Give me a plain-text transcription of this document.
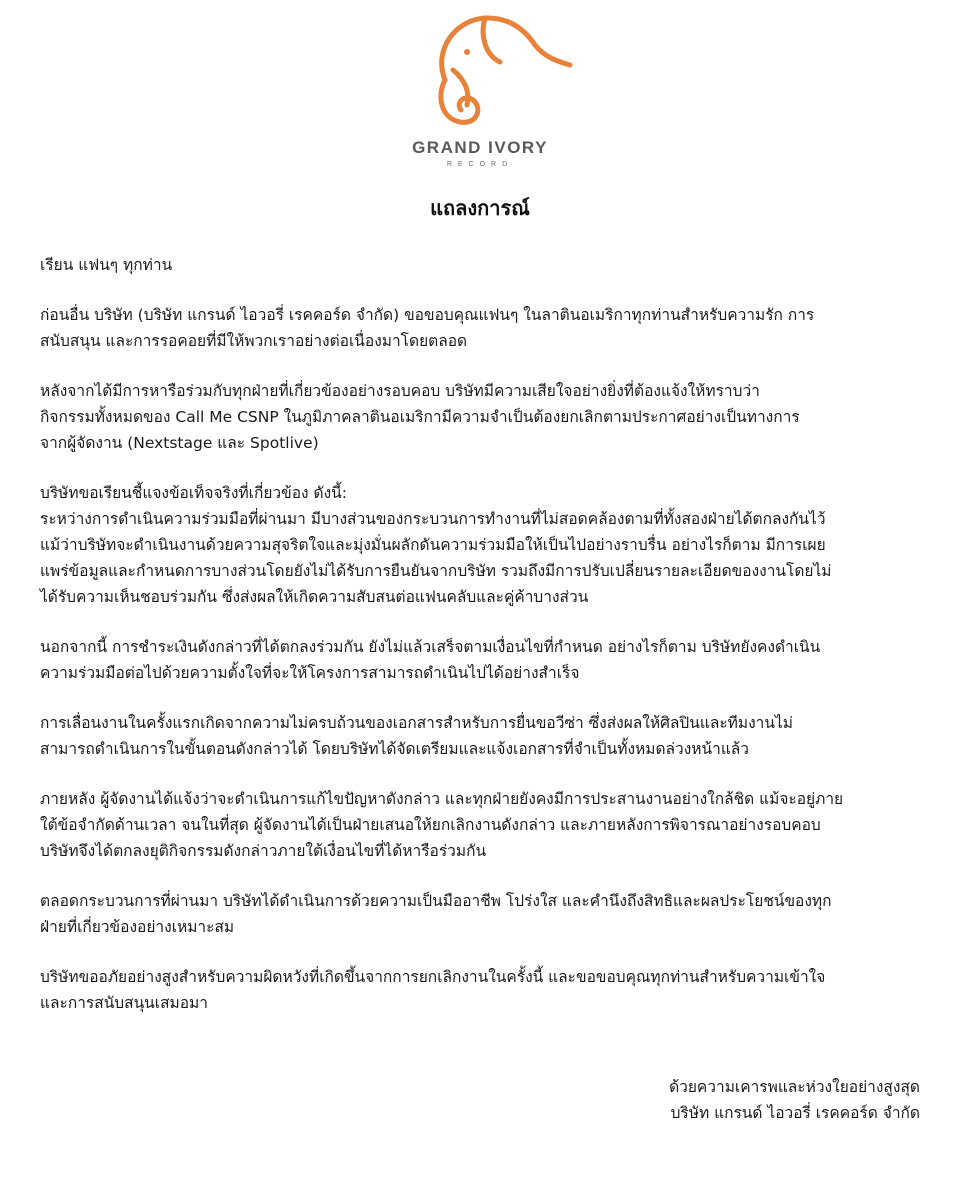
GRAND IVORY
RECORD
แถลงการณ์

เรียน แฟนๆ ทุกท่าน

ก่อนอื่น บริษัท (บริษัท แกรนด์ ไอวอรี่ เรคคอร์ด จำกัด) ขอขอบคุณแฟนๆ ในลาตินอเมริกาทุกท่านสำหรับความรัก การ
สนับสนุน และการรอคอยที่มีให้พวกเราอย่างต่อเนื่องมาโดยตลอด

หลังจากได้มีการหารือร่วมกับทุกฝ่ายที่เกี่ยวข้องอย่างรอบคอบ บริษัทมีความเสียใจอย่างยิ่งที่ต้องแจ้งให้ทราบว่า
กิจกรรมทั้งหมดของ Call Me CSNP ในภูมิภาคลาตินอเมริกามีความจำเป็นต้องยกเลิกตามประกาศอย่างเป็นทางการ
จากผู้จัดงาน (Nextstage และ Spotlive)

บริษัทขอเรียนชี้แจงข้อเท็จจริงที่เกี่ยวข้อง ดังนี้:
ระหว่างการดำเนินความร่วมมือที่ผ่านมา มีบางส่วนของกระบวนการทำงานที่ไม่สอดคล้องตามที่ทั้งสองฝ่ายได้ตกลงกันไว้
แม้ว่าบริษัทจะดำเนินงานด้วยความสุจริตใจและมุ่งมั่นผลักดันความร่วมมือให้เป็นไปอย่างราบรื่น อย่างไรก็ตาม มีการเผย
แพร่ข้อมูลและกำหนดการบางส่วนโดยยังไม่ได้รับการยืนยันจากบริษัท รวมถึงมีการปรับเปลี่ยนรายละเอียดของงานโดยไม่
ได้รับความเห็นชอบร่วมกัน ซึ่งส่งผลให้เกิดความสับสนต่อแฟนคลับและคู่ค้าบางส่วน

นอกจากนี้ การชำระเงินดังกล่าวที่ได้ตกลงร่วมกัน ยังไม่แล้วเสร็จตามเงื่อนไขที่กำหนด อย่างไรก็ตาม บริษัทยังคงดำเนิน
ความร่วมมือต่อไปด้วยความตั้งใจที่จะให้โครงการสามารถดำเนินไปได้อย่างสำเร็จ

การเลื่อนงานในครั้งแรกเกิดจากความไม่ครบถ้วนของเอกสารสำหรับการยื่นขอวีซ่า ซึ่งส่งผลให้ศิลปินและทีมงานไม่
สามารถดำเนินการในขั้นตอนดังกล่าวได้ โดยบริษัทได้จัดเตรียมและแจ้งเอกสารที่จำเป็นทั้งหมดล่วงหน้าแล้ว

ภายหลัง ผู้จัดงานได้แจ้งว่าจะดำเนินการแก้ไขปัญหาดังกล่าว และทุกฝ่ายยังคงมีการประสานงานอย่างใกล้ชิด แม้จะอยู่ภาย
ใต้ข้อจำกัดด้านเวลา จนในที่สุด ผู้จัดงานได้เป็นฝ่ายเสนอให้ยกเลิกงานดังกล่าว และภายหลังการพิจารณาอย่างรอบคอบ
บริษัทจึงได้ตกลงยุติกิจกรรมดังกล่าวภายใต้เงื่อนไขที่ได้หารือร่วมกัน

ตลอดกระบวนการที่ผ่านมา บริษัทได้ดำเนินการด้วยความเป็นมืออาชีพ โปร่งใส และคำนึงถึงสิทธิและผลประโยชน์ของทุก
ฝ่ายที่เกี่ยวข้องอย่างเหมาะสม

บริษัทขออภัยอย่างสูงสำหรับความผิดหวังที่เกิดขึ้นจากการยกเลิกงานในครั้งนี้ และขอขอบคุณทุกท่านสำหรับความเข้าใจ
และการสนับสนุนเสมอมา

ด้วยความเคารพและห่วงใยอย่างสูงสุด
บริษัท แกรนด์ ไอวอรี่ เรคคอร์ด จำกัด
